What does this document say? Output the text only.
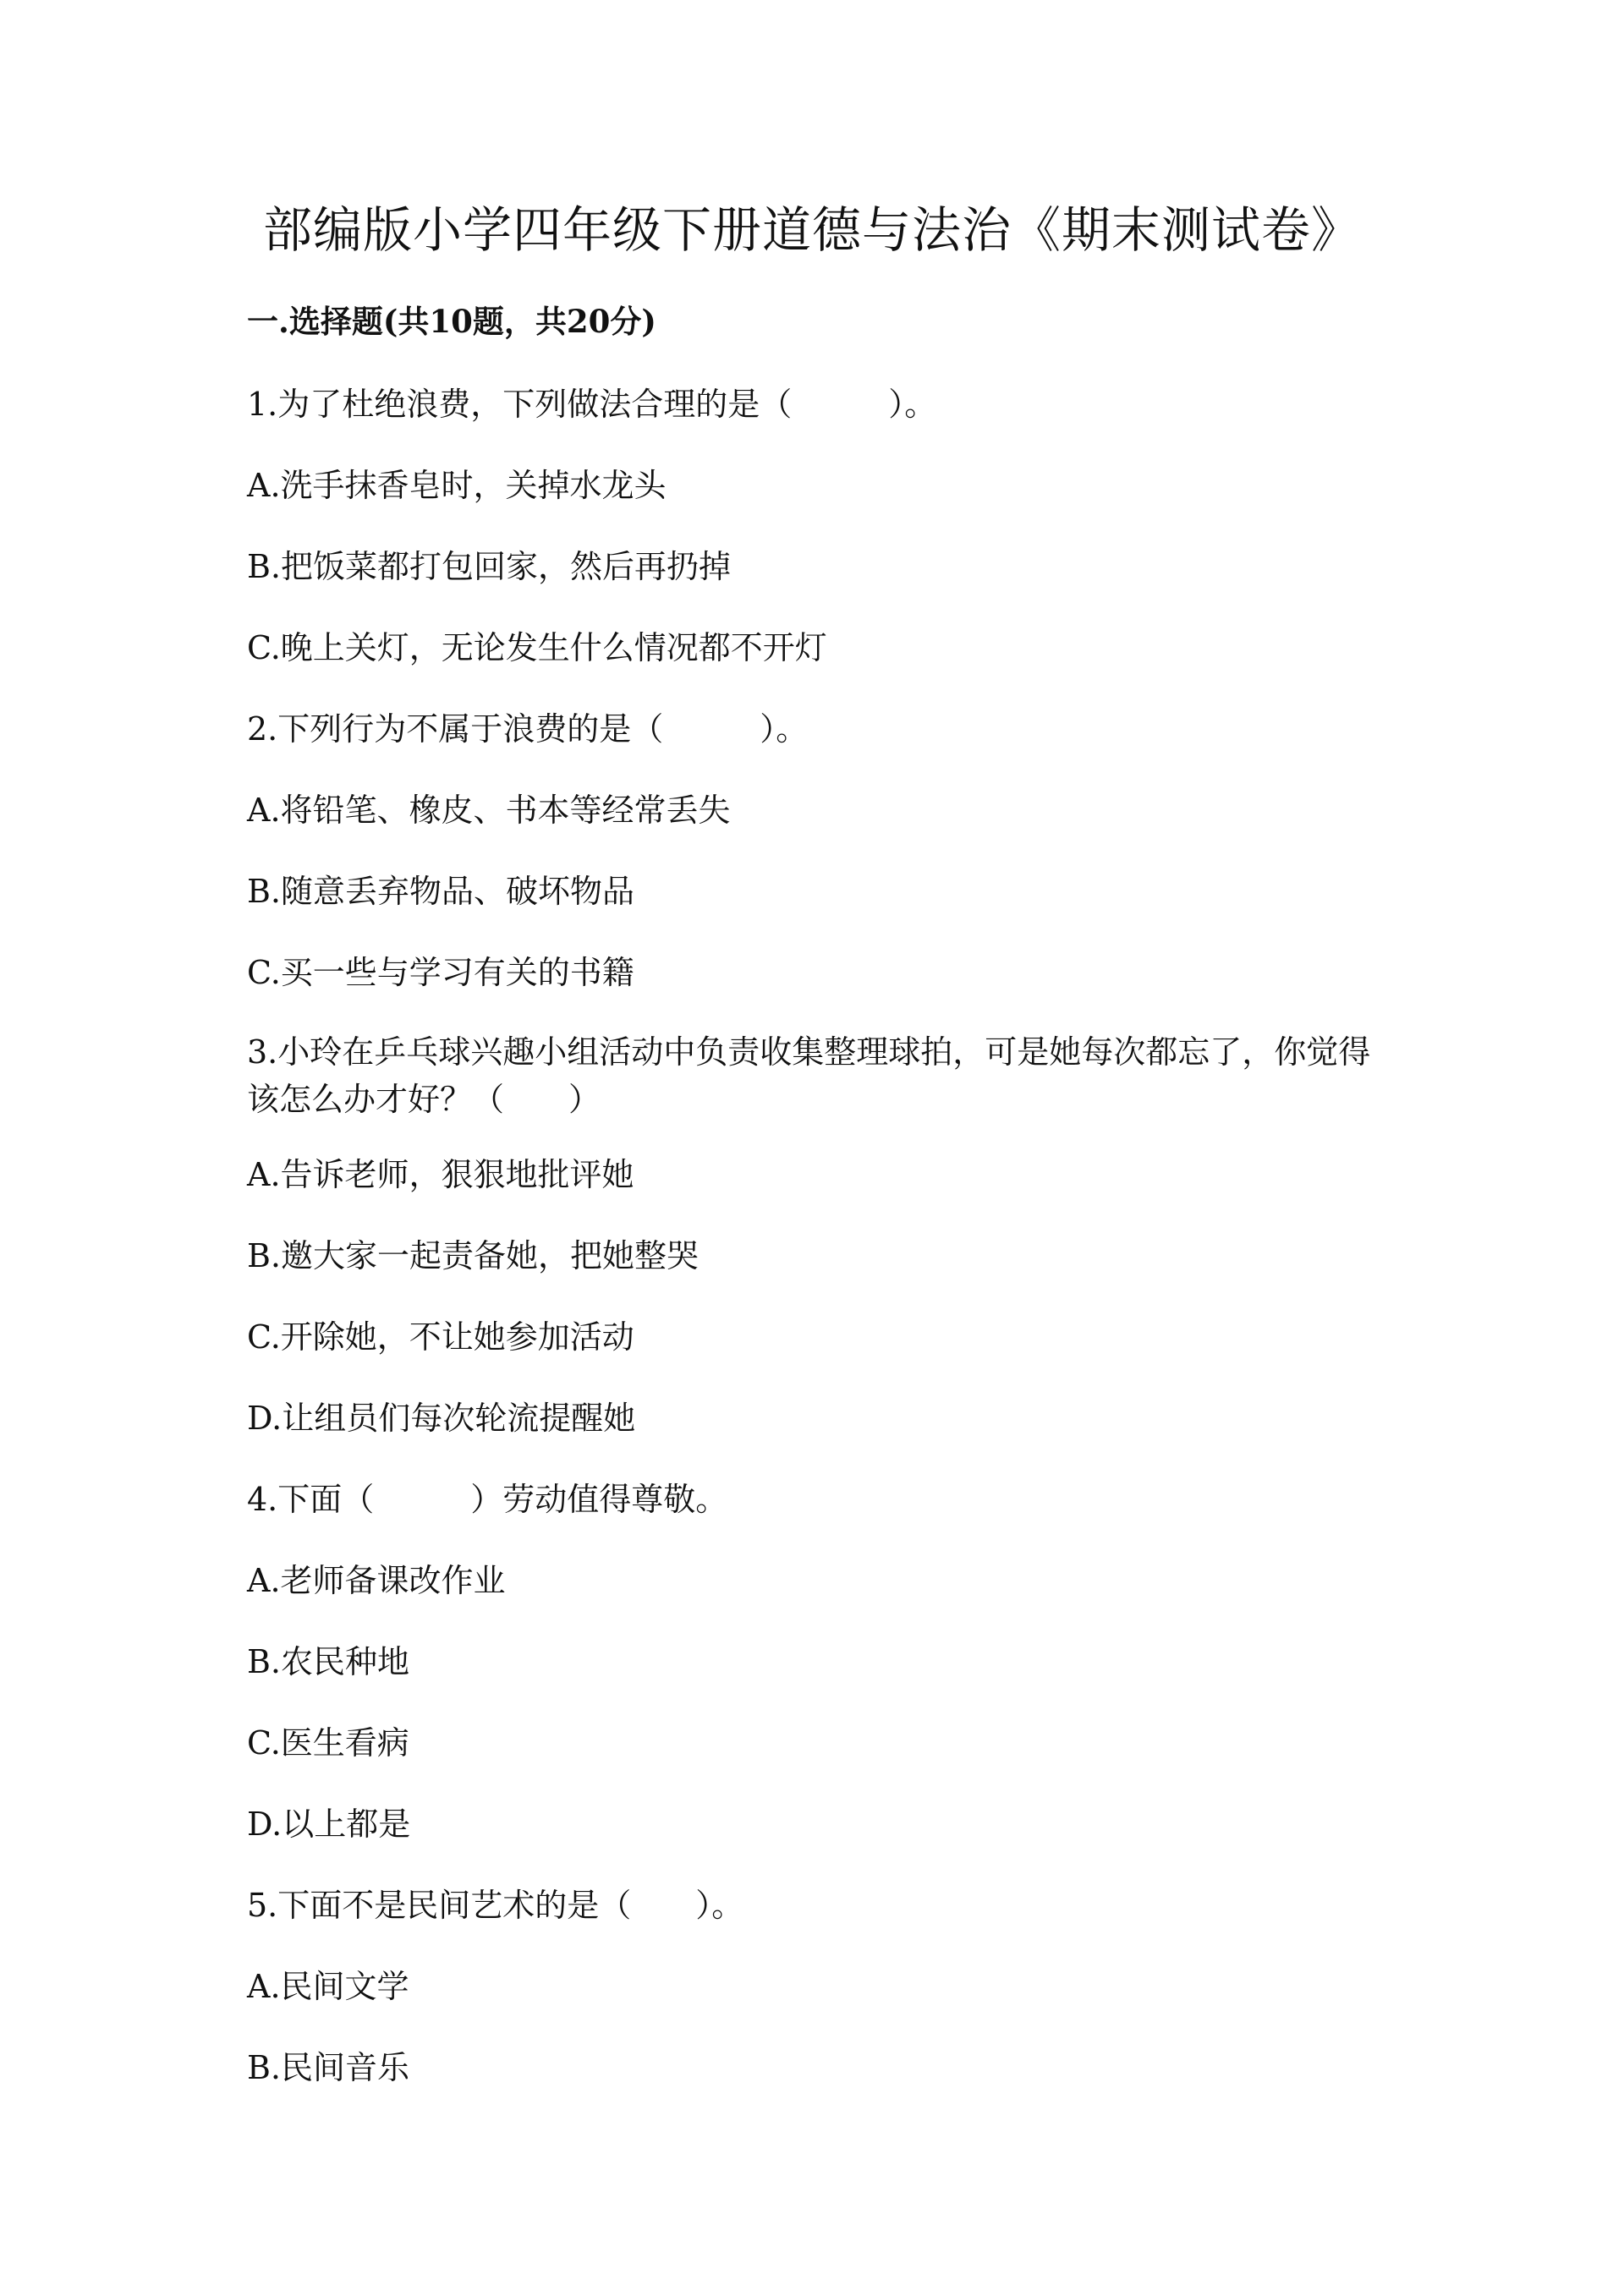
部编版小学四年级下册道德与法治《期末测试卷》
一.选择题(共10题，共20分)

1.为了杜绝浪费，下列做法合理的是（　　　）。

A.洗手抹香皂时，关掉水龙头

B.把饭菜都打包回家，然后再扔掉

C.晚上关灯，无论发生什么情况都不开灯

2.下列行为不属于浪费的是（　　　）。

A.将铅笔、橡皮、书本等经常丢失

B.随意丢弃物品、破坏物品

C.买一些与学习有关的书籍

3.小玲在乒乓球兴趣小组活动中负责收集整理球拍，可是她每次都忘了，你觉得该怎么办才好？（　　）

A.告诉老师，狠狠地批评她

B.邀大家一起责备她，把她整哭

C.开除她，不让她参加活动

D.让组员们每次轮流提醒她

4.下面（　　　）劳动值得尊敬。

A.老师备课改作业

B.农民种地

C.医生看病

D.以上都是

5.下面不是民间艺术的是（　　）。

A.民间文学

B.民间音乐
